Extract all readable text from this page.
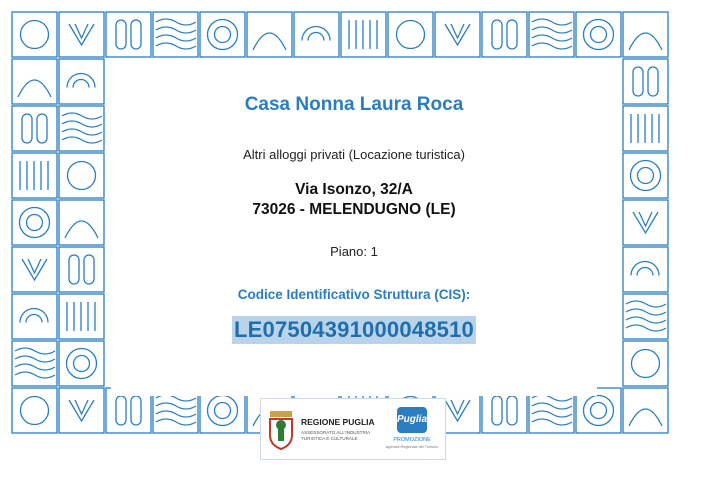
Casa Nonna Laura Roca
Altri alloggi privati (Locazione turistica)
Via Isonzo, 32/A
73026 - MELENDUGNO (LE)
Piano: 1
Codice Identificativo Struttura (CIS):
LE07504391000048510
REGIONE PUGLIA
ASSESSORATO ALL'INDUSTRIA TURISTICA E CULTURALE
Puglia
PROMOZIONE
Agenzia Regionale del Turismo
